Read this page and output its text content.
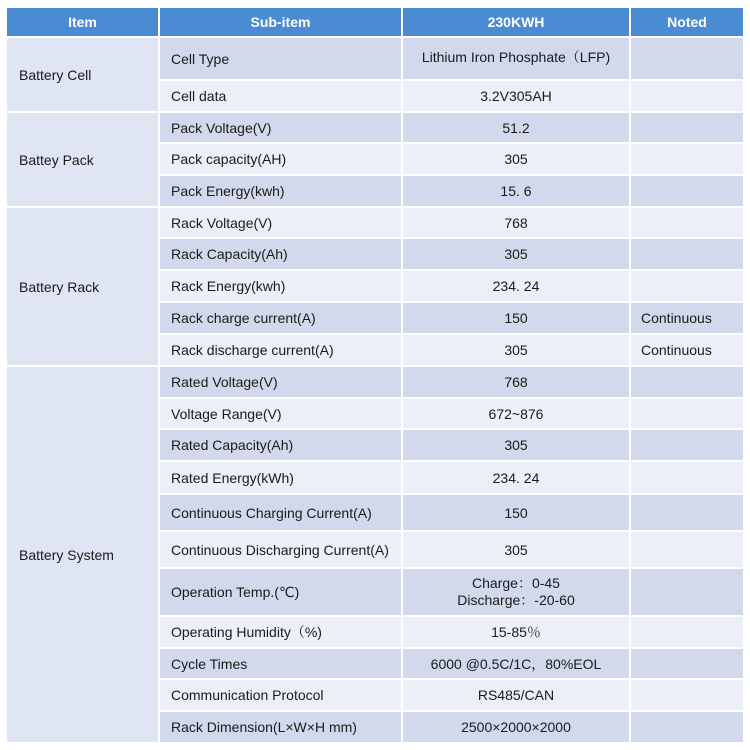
Item	Sub-item	230KWH	Noted
Battery Cell	Cell Type	Lithium Iron Phosphate（LFP)	
	Cell data	3.2V305AH	
Battey Pack	Pack Voltage(V)	51.2	
	Pack capacity(AH)	305	
	Pack Energy(kwh)	15. 6	
Battery Rack	Rack Voltage(V)	768	
	Rack Capacity(Ah)	305	
	Rack Energy(kwh)	234. 24	
	Rack charge current(A)	150	Continuous
	Rack discharge current(A)	305	Continuous
Battery System	Rated Voltage(V)	768	
	Voltage Range(V)	672~876	
	Rated Capacity(Ah)	305	
	Rated Energy(kWh)	234. 24	
	Continuous Charging Current(A)	150	
	Continuous Discharging Current(A)	305	
	Operation Temp.(℃)	Charge：0-45
Discharge：-20-60	

	Operating Humidity（%)	15-85％	
	Cycle Times	6000 @0.5C/1C，80%EOL	
	Communication Protocol	RS485/CAN	
	Rack Dimension(L×W×H mm)	2500×2000×2000	
